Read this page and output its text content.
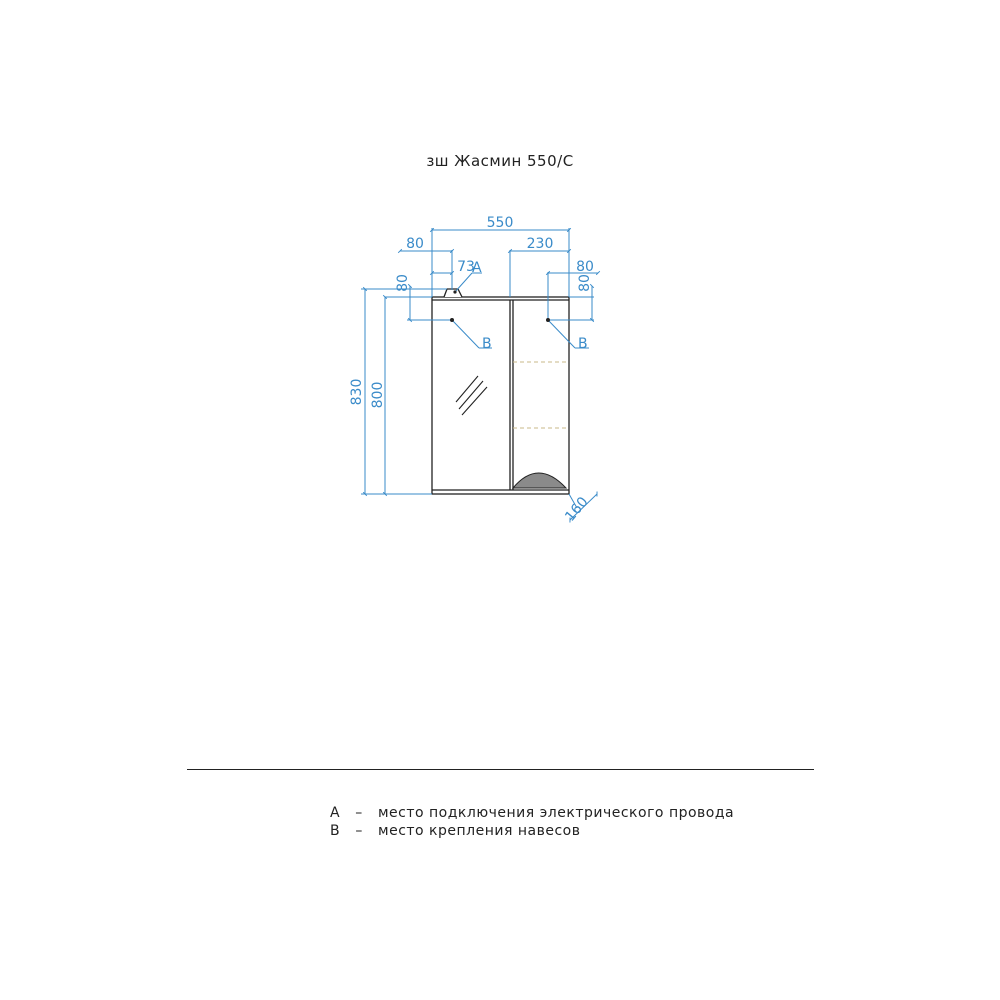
зш Жасмин 550/С
550
80
73
230
80
80	80
830 800
160
A
B	B
A – место подключения электрического провода
B – место крепления навесов
